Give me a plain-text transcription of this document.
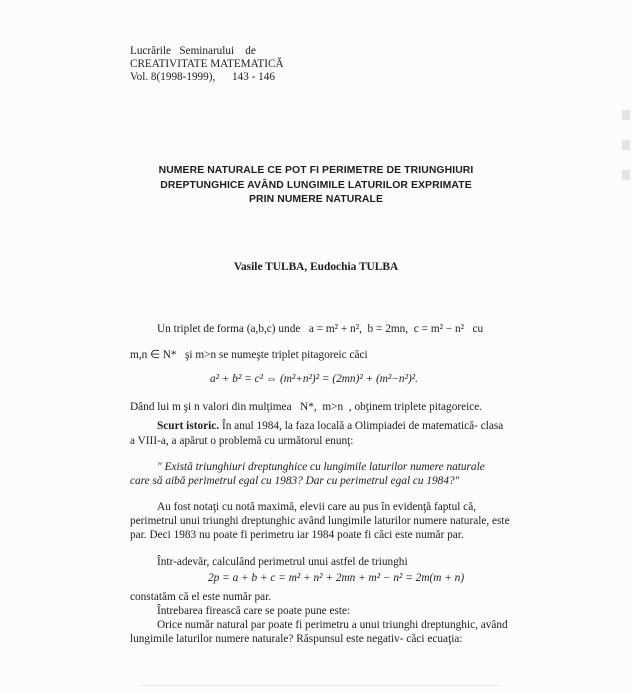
Lucrările   Seminarului    de
CREATIVITATE MATEMATICĂ
Vol. 8(1998-1999),      143 - 146
NUMERE NATURALE CE POT FI PERIMETRE DE TRIUNGHIURI
DREPTUNGHICE AVÂND LUNGIMILE LATURILOR EXPRIMATE
PRIN NUMERE NATURALE
Vasile TULBA, Eudochia TULBA
Un triplet de forma (a,b,c) unde   a = m² + n²,  b = 2mn,  c = m² − n²   cu
m,n ∈ N*   şi m>n se numeşte triplet pitagoreic căci
a² + b² = c² ⇔ (m²+n²)² = (2mn)² + (m²−n²)².
Dând lui m şi n valori din mulţimea   N*,  m>n  , obţinem triplete pitagoreice.
Scurt istoric. În anul 1984, la faza locală a Olimpiadei de matematică- clasa
a VIII-a, a apărut o problemă cu următorul enunţ:
" Există triunghiuri dreptunghice cu lungimile laturilor numere naturale
care să aibă perimetrul egal cu 1983? Dar cu perimetrul egal cu 1984?"
Au fost notaţi cu notă maximă, elevii care au pus în evidenţă faptul că,
perimetrul unui triunghi dreptunghic având lungimile laturilor numere naturale, este
par. Deci 1983 nu poate fi perimetru iar 1984 poate fi căci este număr par.
Într-adevăr, calculând perimetrul unui astfel de triunghi
2p = a + b + c = m² + n² + 2mn + m² − n² = 2m(m + n)
constatăm că el este număr par.
Întrebarea firească care se poate pune este:
Orice număr natural par poate fi perimetru a unui triunghi dreptunghic, având
lungimile laturilor numere naturale? Răspunsul este negativ- căci ecuaţia:
